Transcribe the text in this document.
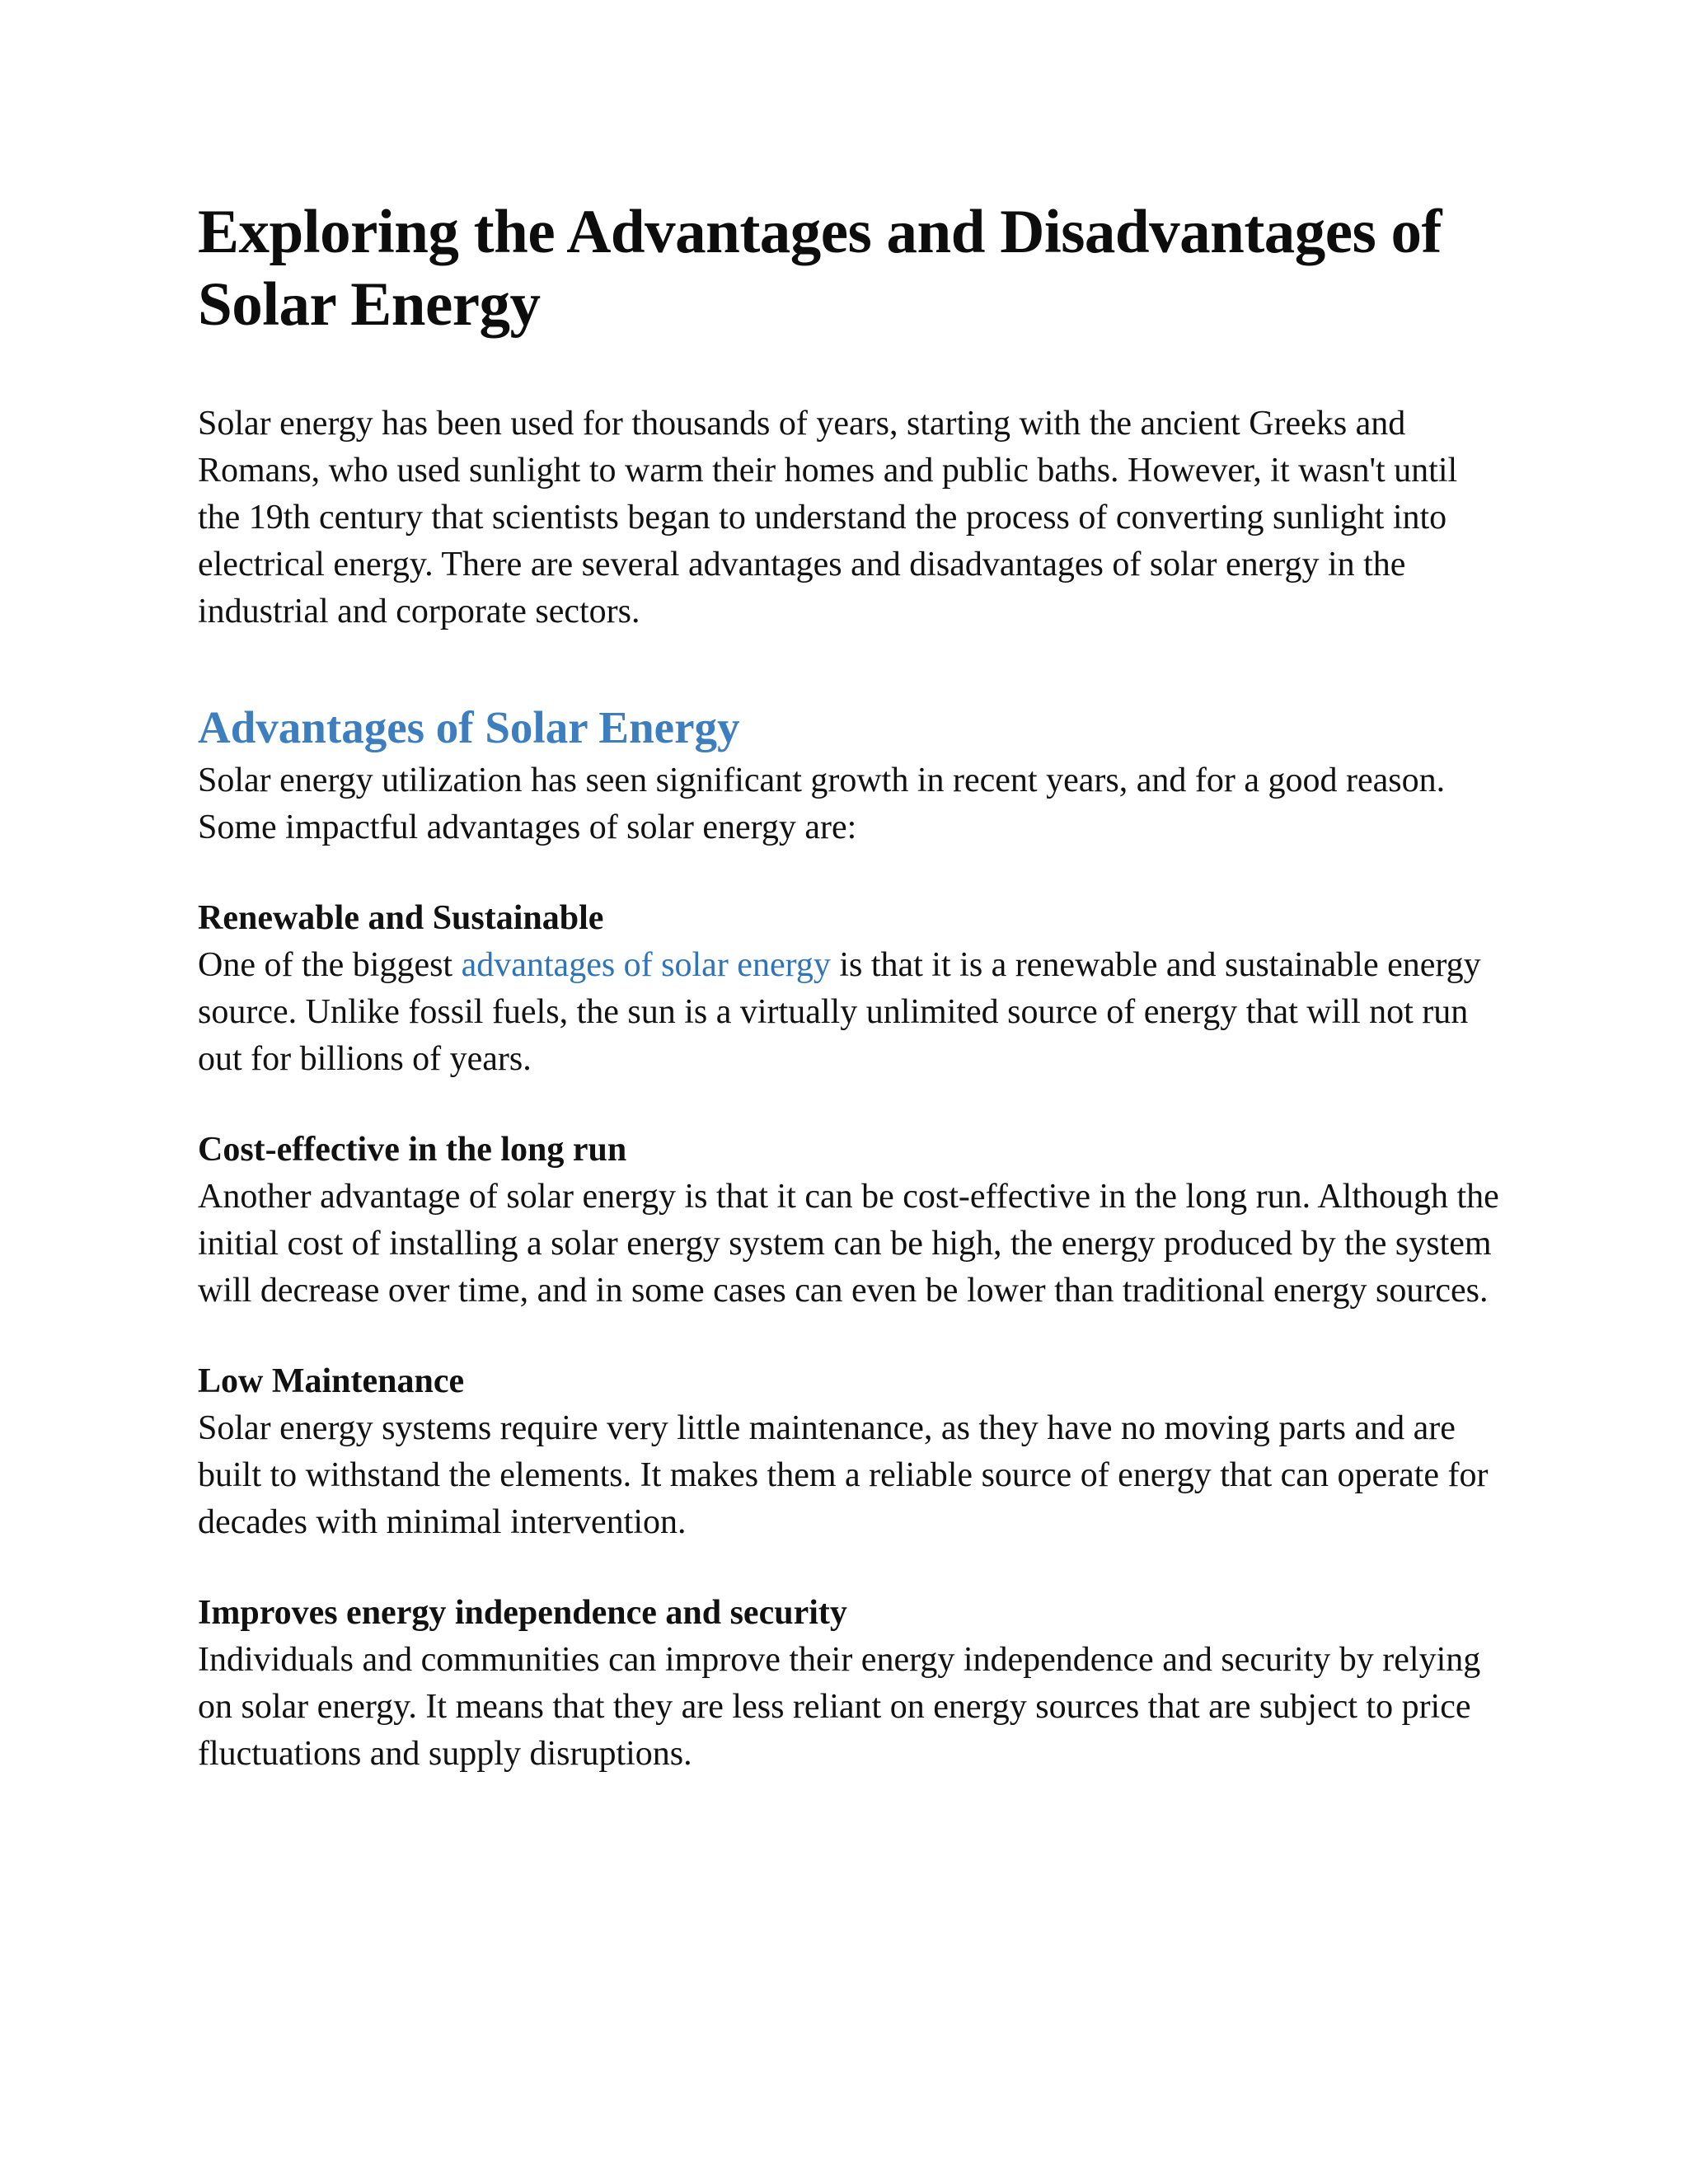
Exploring the Advantages and Disadvantages of Solar Energy

Solar energy has been used for thousands of years, starting with the ancient Greeks and Romans, who used sunlight to warm their homes and public baths. However, it wasn't until the 19th century that scientists began to understand the process of converting sunlight into electrical energy. There are several advantages and disadvantages of solar energy in the industrial and corporate sectors.

Advantages of Solar Energy

Solar energy utilization has seen significant growth in recent years, and for a good reason. Some impactful advantages of solar energy are:

Renewable and Sustainable

One of the biggest advantages of solar energy is that it is a renewable and sustainable energy source. Unlike fossil fuels, the sun is a virtually unlimited source of energy that will not run out for billions of years.

Cost-effective in the long run

Another advantage of solar energy is that it can be cost-effective in the long run. Although the initial cost of installing a solar energy system can be high, the energy produced by the system will decrease over time, and in some cases can even be lower than traditional energy sources.

Low Maintenance

Solar energy systems require very little maintenance, as they have no moving parts and are built to withstand the elements. It makes them a reliable source of energy that can operate for decades with minimal intervention.

Improves energy independence and security

Individuals and communities can improve their energy independence and security by relying on solar energy. It means that they are less reliant on energy sources that are subject to price fluctuations and supply disruptions.
